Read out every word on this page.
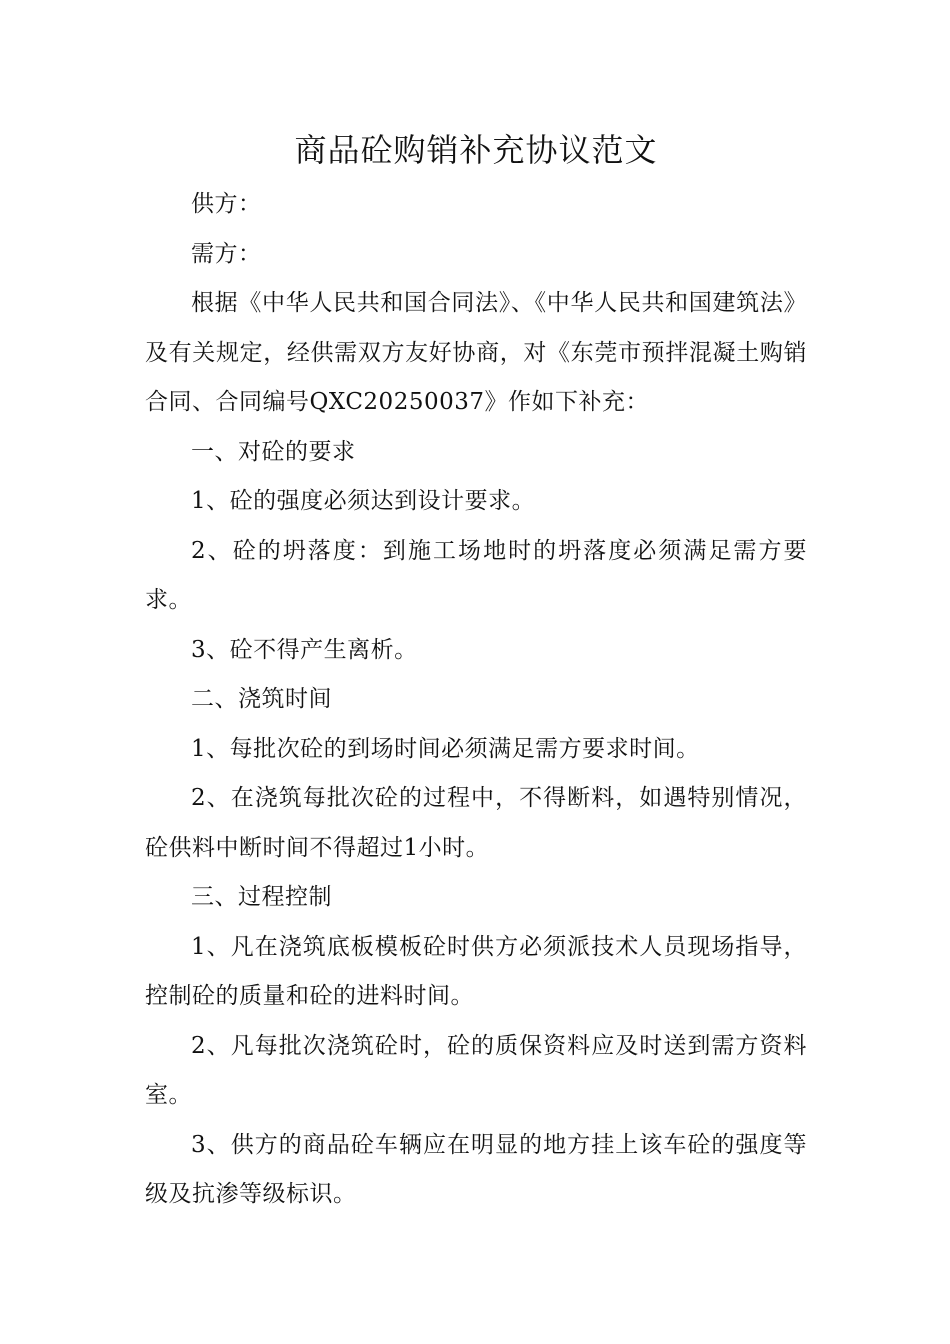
商品砼购销补充协议范文

供方：

需方：

根据《中华人民共和国合同法》、《中华人民共和国建筑法》及有关规定，经供需双方友好协商，对《东莞市预拌混凝土购销合同、合同编号QXC20250037》作如下补充：

一、对砼的要求

1、砼的强度必须达到设计要求。

2、砼的坍落度：到施工场地时的坍落度必须满足需方要求。

3、砼不得产生离析。

二、浇筑时间

1、每批次砼的到场时间必须满足需方要求时间。

2、在浇筑每批次砼的过程中，不得断料，如遇特别情况，砼供料中断时间不得超过1小时。

三、过程控制

1、凡在浇筑底板模板砼时供方必须派技术人员现场指导，控制砼的质量和砼的进料时间。

2、凡每批次浇筑砼时，砼的质保资料应及时送到需方资料室。

3、供方的商品砼车辆应在明显的地方挂上该车砼的强度等级及抗渗等级标识。
